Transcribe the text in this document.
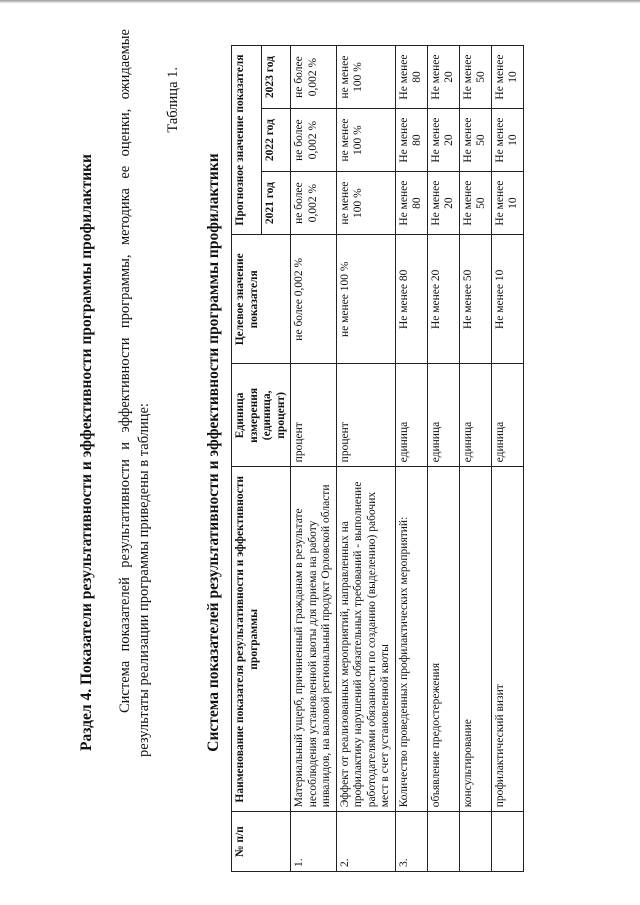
Раздел 4. Показатели результативности и эффективности программы профилактики Система показателей результативности и эффективности программы, методика ее оценки, ожидаемые результаты реализации программы приведены в таблице:
Таблица 1.
Система показателей результативности и эффективности программы профилактики
№ п/п	Наименование показателя результативности и эффективности программы	Единица измерения (единица, процент)	Целевое значение показателя	Прогнозное значение показателя		
				2021 год	2022 год	2023 год
1.	Материальный ущерб, причиненный гражданам в результате несоблюдения установленной квоты для приема на работу инвалидов, на валовой региональный продукт Орловской области	процент	не более 0,002 %	не более 0,002 %	не более 0,002 %	не более 0,002 %
2.	Эффект от реализованных мероприятий, направленных на профилактику нарушений обязательных требований - выполнение работодателями обязанности по созданию (выделению) рабочих мест в счет установленной квоты	процент	не менее 100 %	не менее 100 %	не менее 100 %	не менее 100 %
3.	Количество проведенных профилактических мероприятий:	единица	Не менее 80	Не менее 80	Не менее 80	Не менее 80
	объявление предостережения	единица	Не менее 20	Не менее 20	Не менее 20	Не менее 20
	консультирование	единица	Не менее 50	Не менее 50	Не менее 50	Не менее 50
	профилактический визит	единица	Не менее 10	Не менее 10	Не менее 10	Не менее 10
